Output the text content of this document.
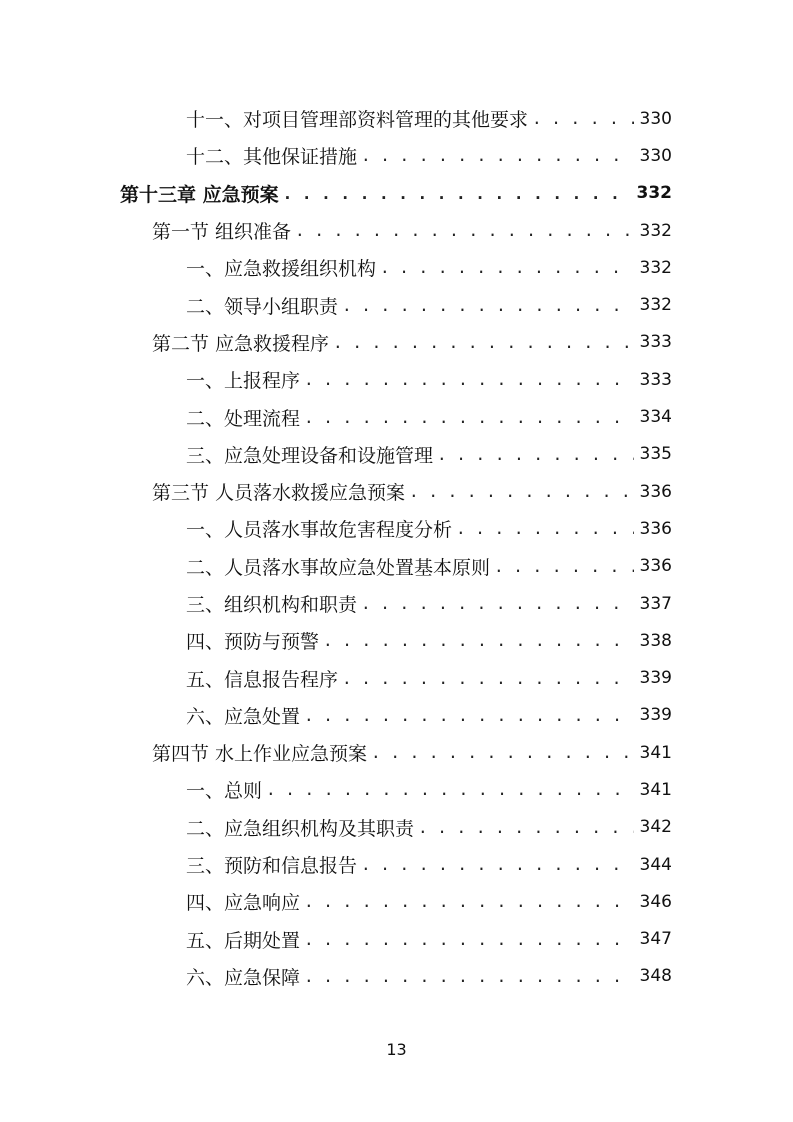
十一、对项目管理部资料管理的其他要求 . . .	330
十二、其他保证措施 . . .	330
第十三章 应急预案 . . .	332
第一节 组织准备 . . .	332
一、应急救援组织机构 . . .	332
二、领导小组职责 . . .	332
第二节 应急救援程序 . . .	333
一、上报程序 . . .	333
二、处理流程 . . .	334
三、应急处理设备和设施管理 . . .	335
第三节 人员落水救援应急预案 . . .	336
一、人员落水事故危害程度分析 . . .	336
二、人员落水事故应急处置基本原则 . . .	336
三、组织机构和职责 . . .	337
四、预防与预警 . . .	338
五、信息报告程序 . . .	339
六、应急处置 . . .	339
第四节 水上作业应急预案 . . .	341
一、总则 . . .	341
二、应急组织机构及其职责 . . .	342
三、预防和信息报告 . . .	344
四、应急响应 . . .	346
五、后期处置 . . .	347
六、应急保障 . . .	348
13
